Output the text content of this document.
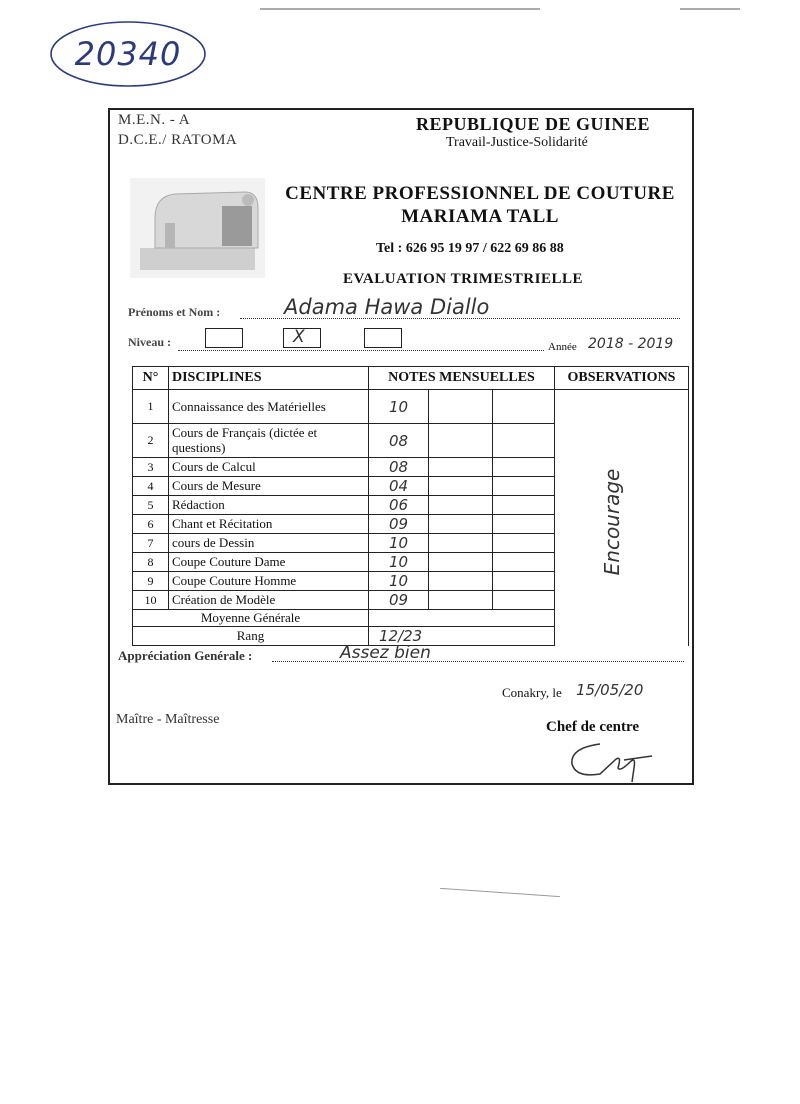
20340
M.E.N. - A
D.C.E./ RATOMA
REPUBLIQUE DE GUINEE
Travail-Justice-Solidarité
CENTRE PROFESSIONNEL DE COUTURE
MARIAMA TALL
Tel : 626 95 19 97 / 622 69 86 88
EVALUATION TRIMESTRIELLE
Prénoms et Nom :	Adama Hawa Diallo
Niveau :	X	Année 2018 - 2019
N°	DISCIPLINES	NOTES MENSUELLES			OBSERVATIONS
1	Connaissance des Matérielles	10			
2	Cours de Français (dictée et questions)	08			
3	Cours de Calcul	08			
4	Cours de Mesure	04			
5	Rédaction	06			
6	Chant et Récitation	09			
7	cours de Dessin	10			
8	Coupe Couture Dame	10			
9	Coupe Couture Homme	10			
10	Création de Modèle	09			
Moyenne Générale					
Rang		12/23			
Encourage
Appréciation Genérale :	Assez bien
Conakry, le 15/05/20
Maître - Maîtresse	Chef de centre
